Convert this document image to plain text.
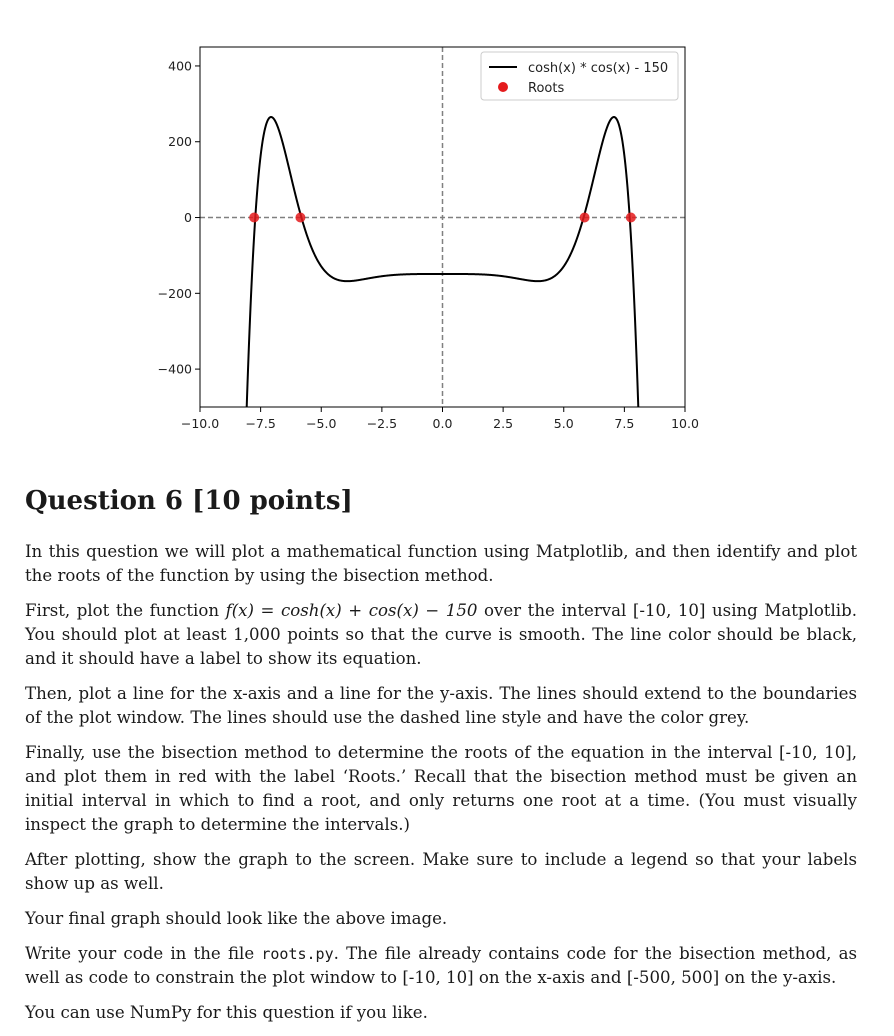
−10.0 −7.5 −5.0 −2.5	0.0	2.5	5.0	7.5	10.0
400
200
0
−200
−400
cosh(x) * cos(x) - 150
Roots
Question 6 [10 points]

In this question we will plot a mathematical function using Matplotlib, and then identify and plot the roots of the function by using the bisection method.

First, plot the function f(x) = cosh(x) + cos(x) − 150 over the interval [-10, 10] using Matplotlib. You should plot at least 1,000 points so that the curve is smooth. The line color should be black, and it should have a label to show its equation.

Then, plot a line for the x-axis and a line for the y-axis. The lines should extend to the boundaries of the plot window. The lines should use the dashed line style and have the color grey.

Finally, use the bisection method to determine the roots of the equation in the interval [-10, 10], and plot them in red with the label ‘Roots.’ Recall that the bisection method must be given an initial interval in which to find a root, and only returns one root at a time. (You must visually inspect the graph to determine the intervals.)

After plotting, show the graph to the screen. Make sure to include a legend so that your labels show up as well.

Your final graph should look like the above image.

Write your code in the file roots.py. The file already contains code for the bisection method, as well as code to constrain the plot window to [-10, 10] on the x-axis and [-500, 500] on the y-axis.

You can use NumPy for this question if you like.
